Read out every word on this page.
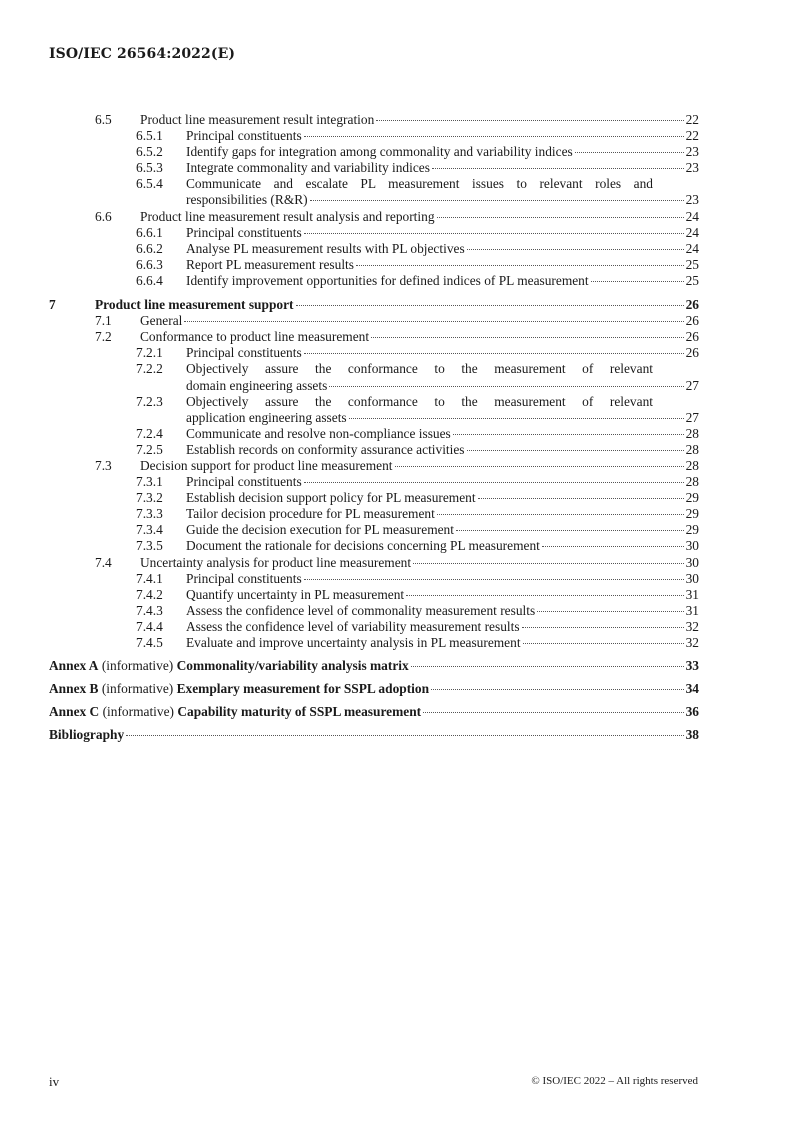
ISO/IEC 26564:2022(E)
6.5 Product line measurement result integration	22
6.5.1 Principal constituents	22
6.5.2 Identify gaps for integration among commonality and variability indices	23
6.5.3 Integrate commonality and variability indices	23
6.5.4 Communicate and escalate PL measurement issues to relevant roles and
responsibilities (R&R)	23
6.6 Product line measurement result analysis and reporting	24
6.6.1 Principal constituents	24
6.6.2 Analyse PL measurement results with PL objectives	24
6.6.3 Report PL measurement results	25
6.6.4 Identify improvement opportunities for defined indices of PL measurement	25
7	Product line measurement support	26
7.1 General	26
7.2 Conformance to product line measurement	26
7.2.1 Principal constituents	26
7.2.2 Objectively assure the conformance to the measurement of relevant
domain engineering assets	27
7.2.3 Objectively assure the conformance to the measurement of relevant
application engineering assets	27
7.2.4 Communicate and resolve non-compliance issues	28
7.2.5 Establish records on conformity assurance activities	28
7.3 Decision support for product line measurement	28
7.3.1 Principal constituents	28
7.3.2 Establish decision support policy for PL measurement	29
7.3.3 Tailor decision procedure for PL measurement	29
7.3.4 Guide the decision execution for PL measurement	29
7.3.5 Document the rationale for decisions concerning PL measurement	30
7.4 Uncertainty analysis for product line measurement	30
7.4.1 Principal constituents	30
7.4.2 Quantify uncertainty in PL measurement	31
7.4.3 Assess the confidence level of commonality measurement results	31
7.4.4 Assess the confidence level of variability measurement results	32
7.4.5 Evaluate and improve uncertainty analysis in PL measurement	32
Annex A (informative) Commonality/variability analysis matrix	33
Annex B (informative) Exemplary measurement for SSPL adoption	34
Annex C (informative) Capability maturity of SSPL measurement	36
Bibliography	38
iv	© ISO/IEC 2022 – All rights reserved
